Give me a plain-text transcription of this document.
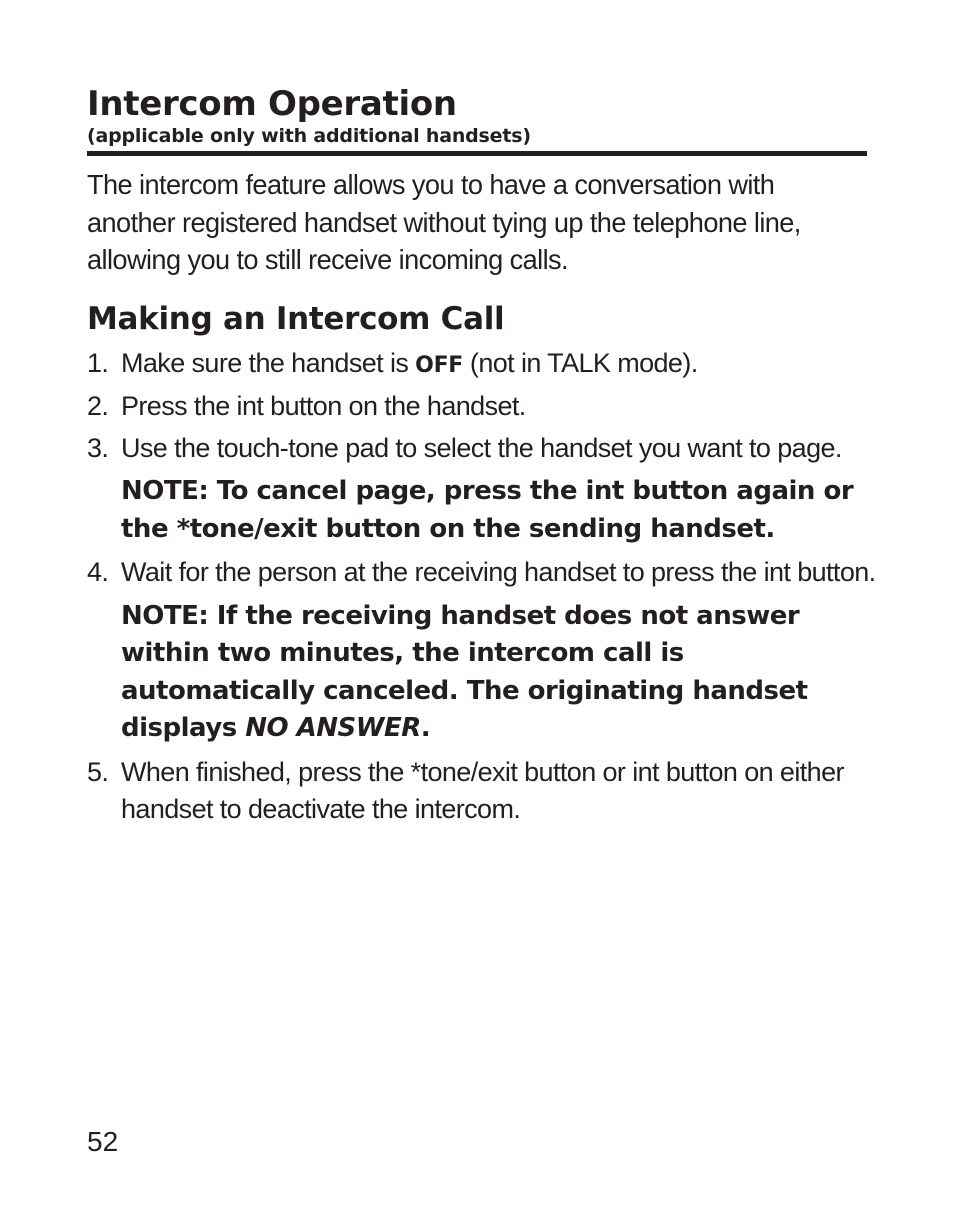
Intercom Operation
(applicable only with additional handsets)

The intercom feature allows you to have a conversation with another registered handset without tying up the telephone line, allowing you to still receive incoming calls.

Making an Intercom Call
1. Make sure the handset is OFF (not in TALK mode).
2. Press the int button on the handset.
3. Use the touch-tone pad to select the handset you want to page.
NOTE: To cancel page, press the int button again or the *tone/exit button on the sending handset.
4. Wait for the person at the receiving handset to press the int button.
NOTE: If the receiving handset does not answer within two minutes, the intercom call is automatically canceled. The originating handset displays NO ANSWER.
5. When finished, press the *tone/exit button or int button on either handset to deactivate the intercom.
52
